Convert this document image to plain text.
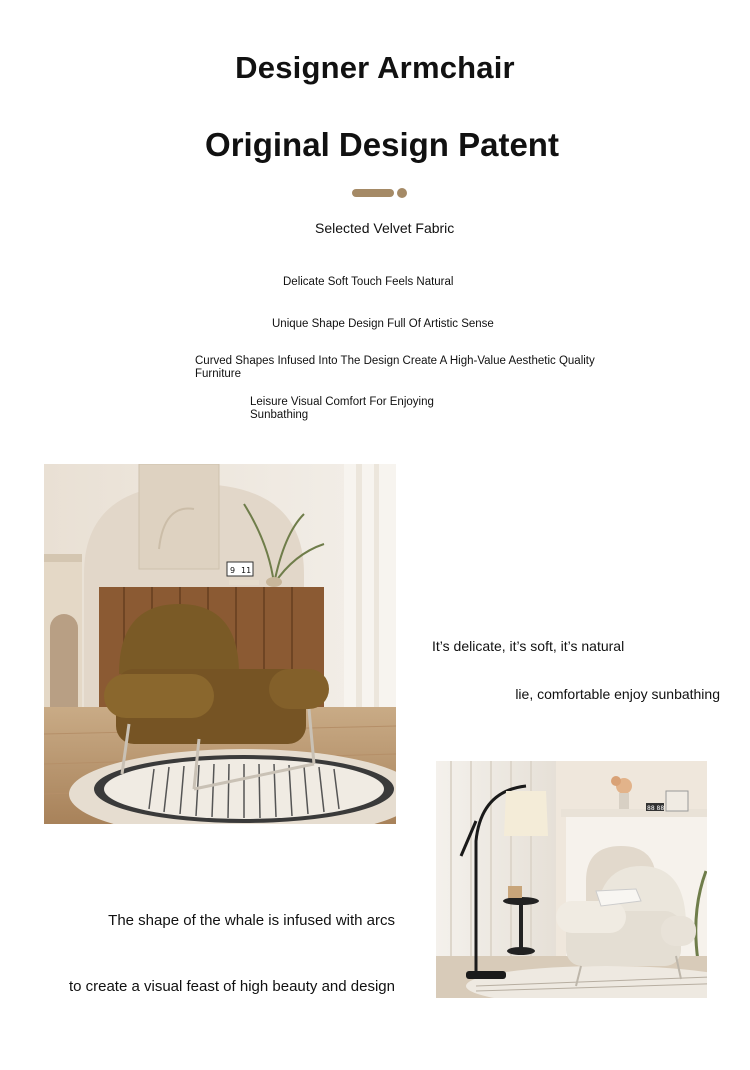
Designer Armchair
Original Design Patent
Selected Velvet Fabric
Delicate Soft Touch Feels Natural
Unique Shape Design Full Of Artistic Sense
Curved Shapes Infused Into The Design Create A High-Value Aesthetic Quality Furniture
Leisure Visual Comfort For Enjoying Sunbathing
9 11
It’s delicate, it’s soft, it’s natural
lie, comfortable enjoy sunbathing
88 88
The shape of the whale is infused with arcs
to create a visual feast of high beauty and design
